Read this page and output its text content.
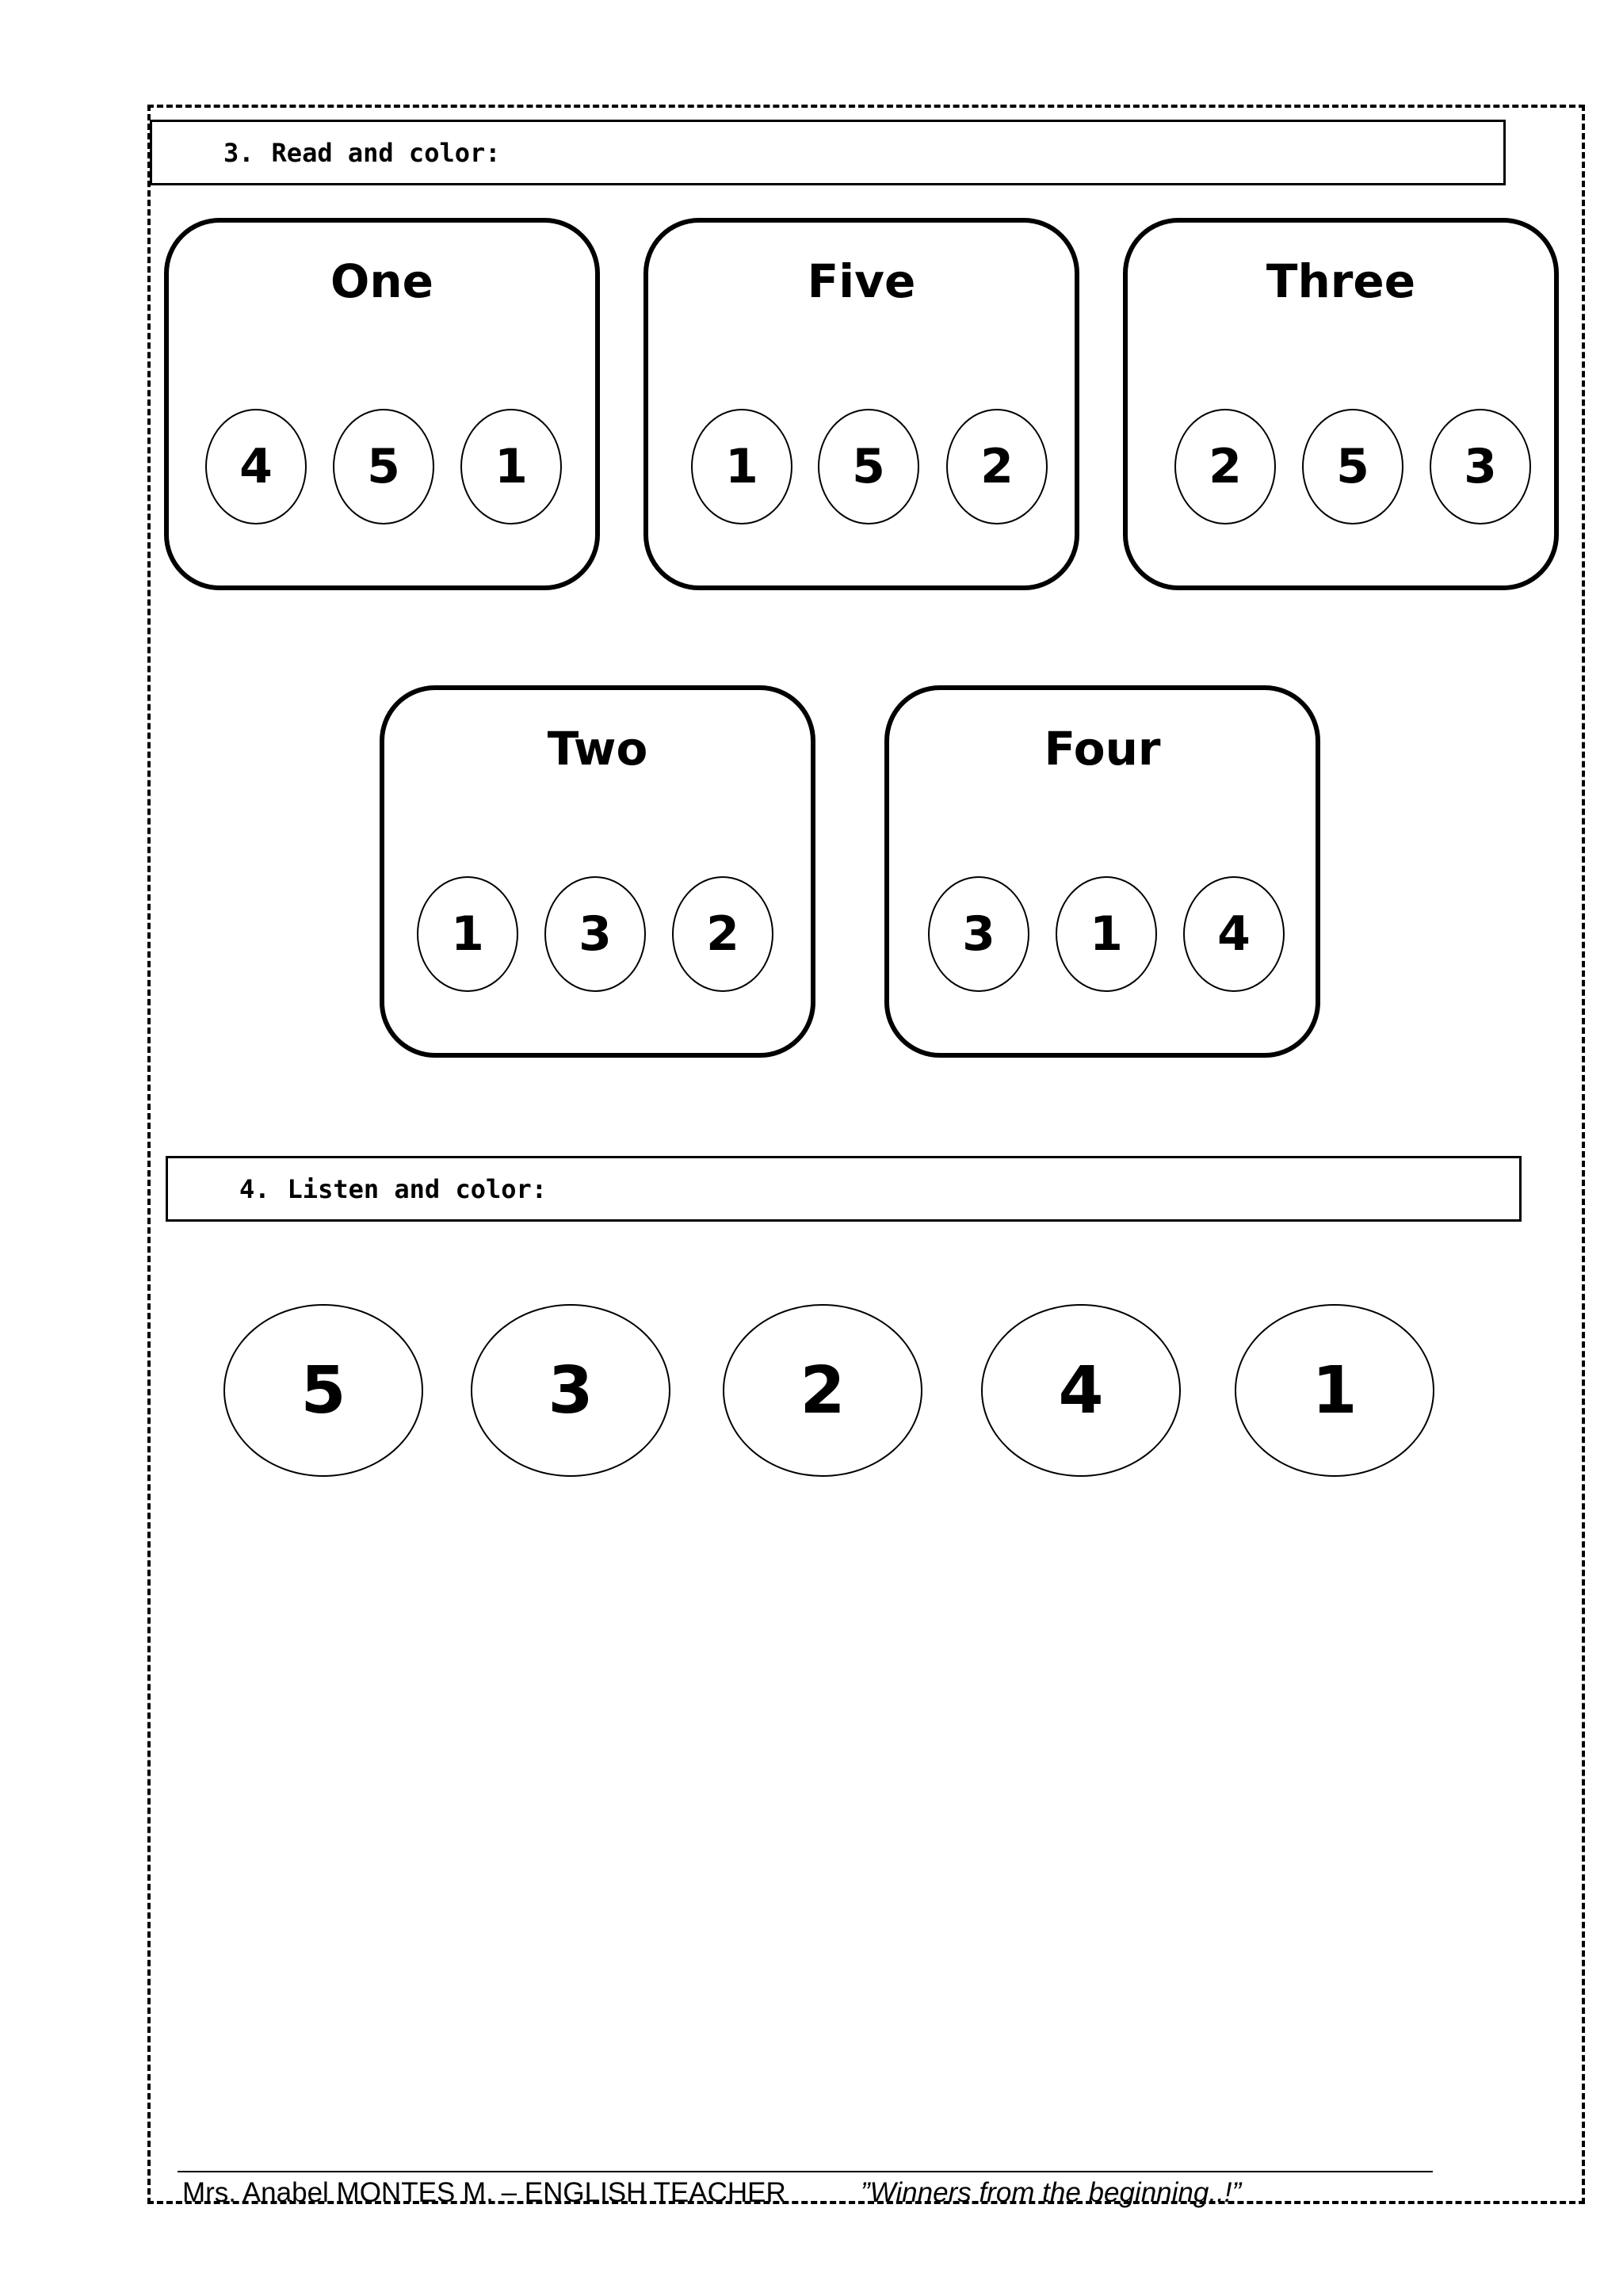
3. Read and color:
One
4	5	1
Five
1	5	2
Three
2	5	3
Two
1	3	2
Four
3	1	4
4. Listen and color:
5	3	2	4	1
Mrs. Anabel MONTES M. – ENGLISH TEACHER	”Winners from the beginning..!”
